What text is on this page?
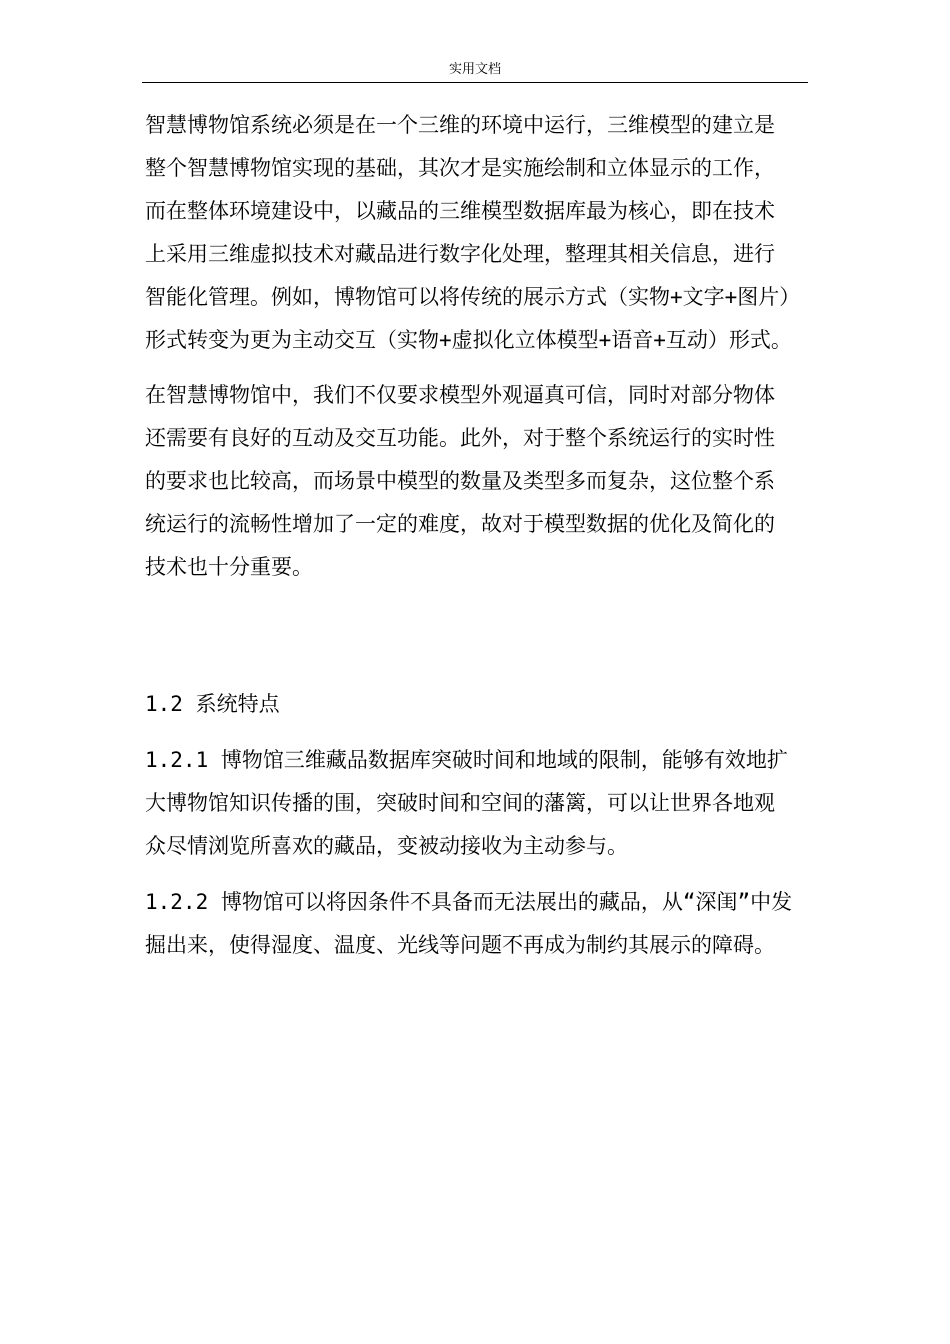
实用文档

智慧博物馆系统必须是在一个三维的环境中运行，三维模型的建立是整个智慧博物馆实现的基础，其次才是实施绘制和立体显示的工作，而在整体环境建设中，以藏品的三维模型数据库最为核心，即在技术上采用三维虚拟技术对藏品进行数字化处理，整理其相关信息，进行智能化管理。例如，博物馆可以将传统的展示方式（实物+文字+图片）形式转变为更为主动交互（实物+虚拟化立体模型+语音+互动）形式。

在智慧博物馆中，我们不仅要求模型外观逼真可信，同时对部分物体还需要有良好的互动及交互功能。此外，对于整个系统运行的实时性的要求也比较高，而场景中模型的数量及类型多而复杂，这位整个系统运行的流畅性增加了一定的难度，故对于模型数据的优化及简化的技术也十分重要。

1.2 系统特点

1.2.1 博物馆三维藏品数据库突破时间和地域的限制，能够有效地扩大博物馆知识传播的围，突破时间和空间的藩篱，可以让世界各地观众尽情浏览所喜欢的藏品，变被动接收为主动参与。

1.2.2 博物馆可以将因条件不具备而无法展出的藏品，从“深闺”中发掘出来，使得湿度、温度、光线等问题不再成为制约其展示的障碍。
